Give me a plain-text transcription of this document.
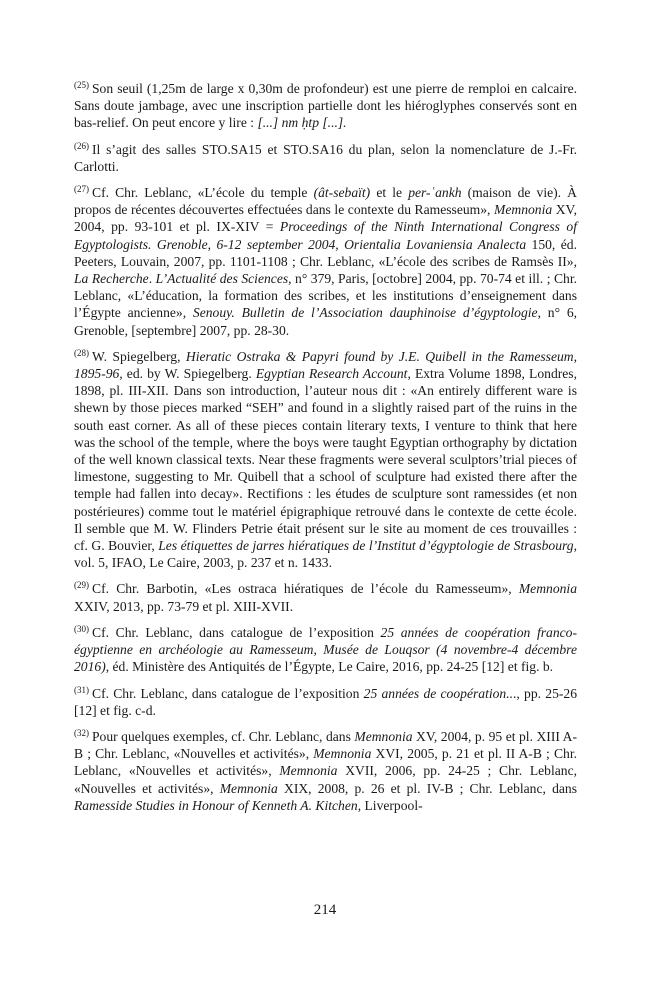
$^{(25)}$ Son seuil (1,25m de large x 0,30m de profondeur) est une pierre de remploi en calcaire. Sans doute jambage, avec une inscription partielle dont les hiéroglyphes conservés sont en bas-relief. On peut encore y lire : [...] nm ḥtp [...].

$^{(26)}$ Il s’agit des salles STO.SA15 et STO.SA16 du plan, selon la nomenclature de J.-Fr. Carlotti.

$^{(27)}$ Cf. Chr. Leblanc, «L’école du temple (ât-sebaït) et le per-ʿankh (maison de vie). À propos de récentes découvertes effectuées dans le contexte du Ramesseum», Memnonia XV, 2004, pp. 93-101 et pl. IX-XIV = Proceedings of the Ninth International Congress of Egyptologists. Grenoble, 6-12 september 2004, Orientalia Lovaniensia Analecta 150, éd. Peeters, Louvain, 2007, pp. 1101-1108 ; Chr. Leblanc, «L’école des scribes de Ramsès II», La Recherche. L’Actualité des Sciences, n° 379, Paris, [octobre] 2004, pp. 70-74 et ill. ; Chr. Leblanc, «L’éducation, la formation des scribes, et les institutions d’enseignement dans l’Égypte ancienne», Senouy. Bulletin de l’Association dauphinoise d’égyptologie, n° 6, Grenoble, [septembre] 2007, pp. 28-30.

$^{(28)}$ W. Spiegelberg, Hieratic Ostraka & Papyri found by J.E. Quibell in the Ramesseum, 1895-96, ed. by W. Spiegelberg. Egyptian Research Account, Extra Volume 1898, Londres, 1898, pl. III-XII. Dans son introduction, l’auteur nous dit : «An entirely different ware is shewn by those pieces marked “SEH” and found in a slightly raised part of the ruins in the south east corner. As all of these pieces contain literary texts, I venture to think that here was the school of the temple, where the boys were taught Egyptian orthography by dictation of the well known classical texts. Near these fragments were several sculptors’trial pieces of limestone, suggesting to Mr. Quibell that a school of sculpture had existed there after the temple had fallen into decay». Rectifions : les études de sculpture sont ramessides (et non postérieures) comme tout le matériel épigraphique retrouvé dans le contexte de cette école. Il semble que M. W. Flinders Petrie était présent sur le site au moment de ces trouvailles : cf. G. Bouvier, Les étiquettes de jarres hiératiques de l’Institut d’égyptologie de Strasbourg, vol. 5, IFAO, Le Caire, 2003, p. 237 et n. 1433.

$^{(29)}$ Cf. Chr. Barbotin, «Les ostraca hiératiques de l’école du Ramesseum», Memnonia XXIV, 2013, pp. 73-79 et pl. XIII-XVII.

$^{(30)}$ Cf. Chr. Leblanc, dans catalogue de l’exposition 25 années de coopération franco-égyptienne en archéologie au Ramesseum, Musée de Louqsor (4 novembre-4 décembre 2016), éd. Ministère des Antiquités de l’Égypte, Le Caire, 2016, pp. 24-25 [12] et fig. b.

$^{(31)}$ Cf. Chr. Leblanc, dans catalogue de l’exposition 25 années de coopération..., pp. 25-26 [12] et fig. c-d.

$^{(32)}$ Pour quelques exemples, cf. Chr. Leblanc, dans Memnonia XV, 2004, p. 95 et pl. XIII A-B ; Chr. Leblanc, «Nouvelles et activités», Memnonia XVI, 2005, p. 21 et pl. II A-B ; Chr. Leblanc, «Nouvelles et activités», Memnonia XVII, 2006, pp. 24-25 ; Chr. Leblanc, «Nouvelles et activités», Memnonia XIX, 2008, p. 26 et pl. IV-B ; Chr. Leblanc, dans Ramesside Studies in Honour of Kenneth A. Kitchen, Liverpool-

214
